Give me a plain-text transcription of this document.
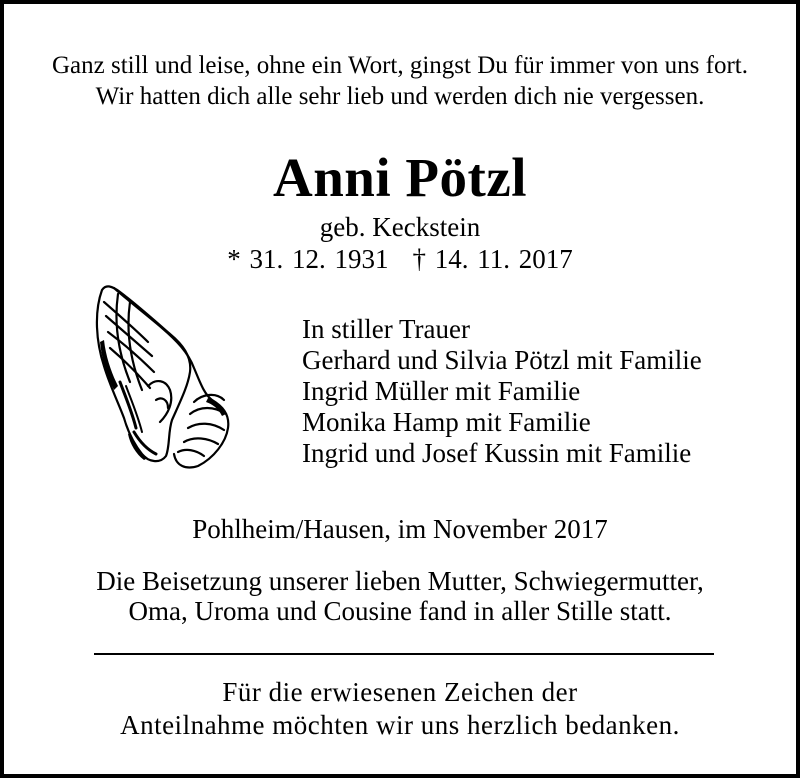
Ganz still und leise, ohne ein Wort, gingst Du für immer von uns fort.
Wir hatten dich alle sehr lieb und werden dich nie vergessen.
Anni Pötzl
geb. Keckstein
* 31. 12. 1931 † 14. 11. 2017
In stiller Trauer
Gerhard und Silvia Pötzl mit Familie
Ingrid Müller mit Familie
Monika Hamp mit Familie
Ingrid und Josef Kussin mit Familie
Pohlheim/Hausen, im November 2017
Die Beisetzung unserer lieben Mutter, Schwiegermutter,
Oma, Uroma und Cousine fand in aller Stille statt.
Für die erwiesenen Zeichen der
Anteilnahme möchten wir uns herzlich bedanken.
